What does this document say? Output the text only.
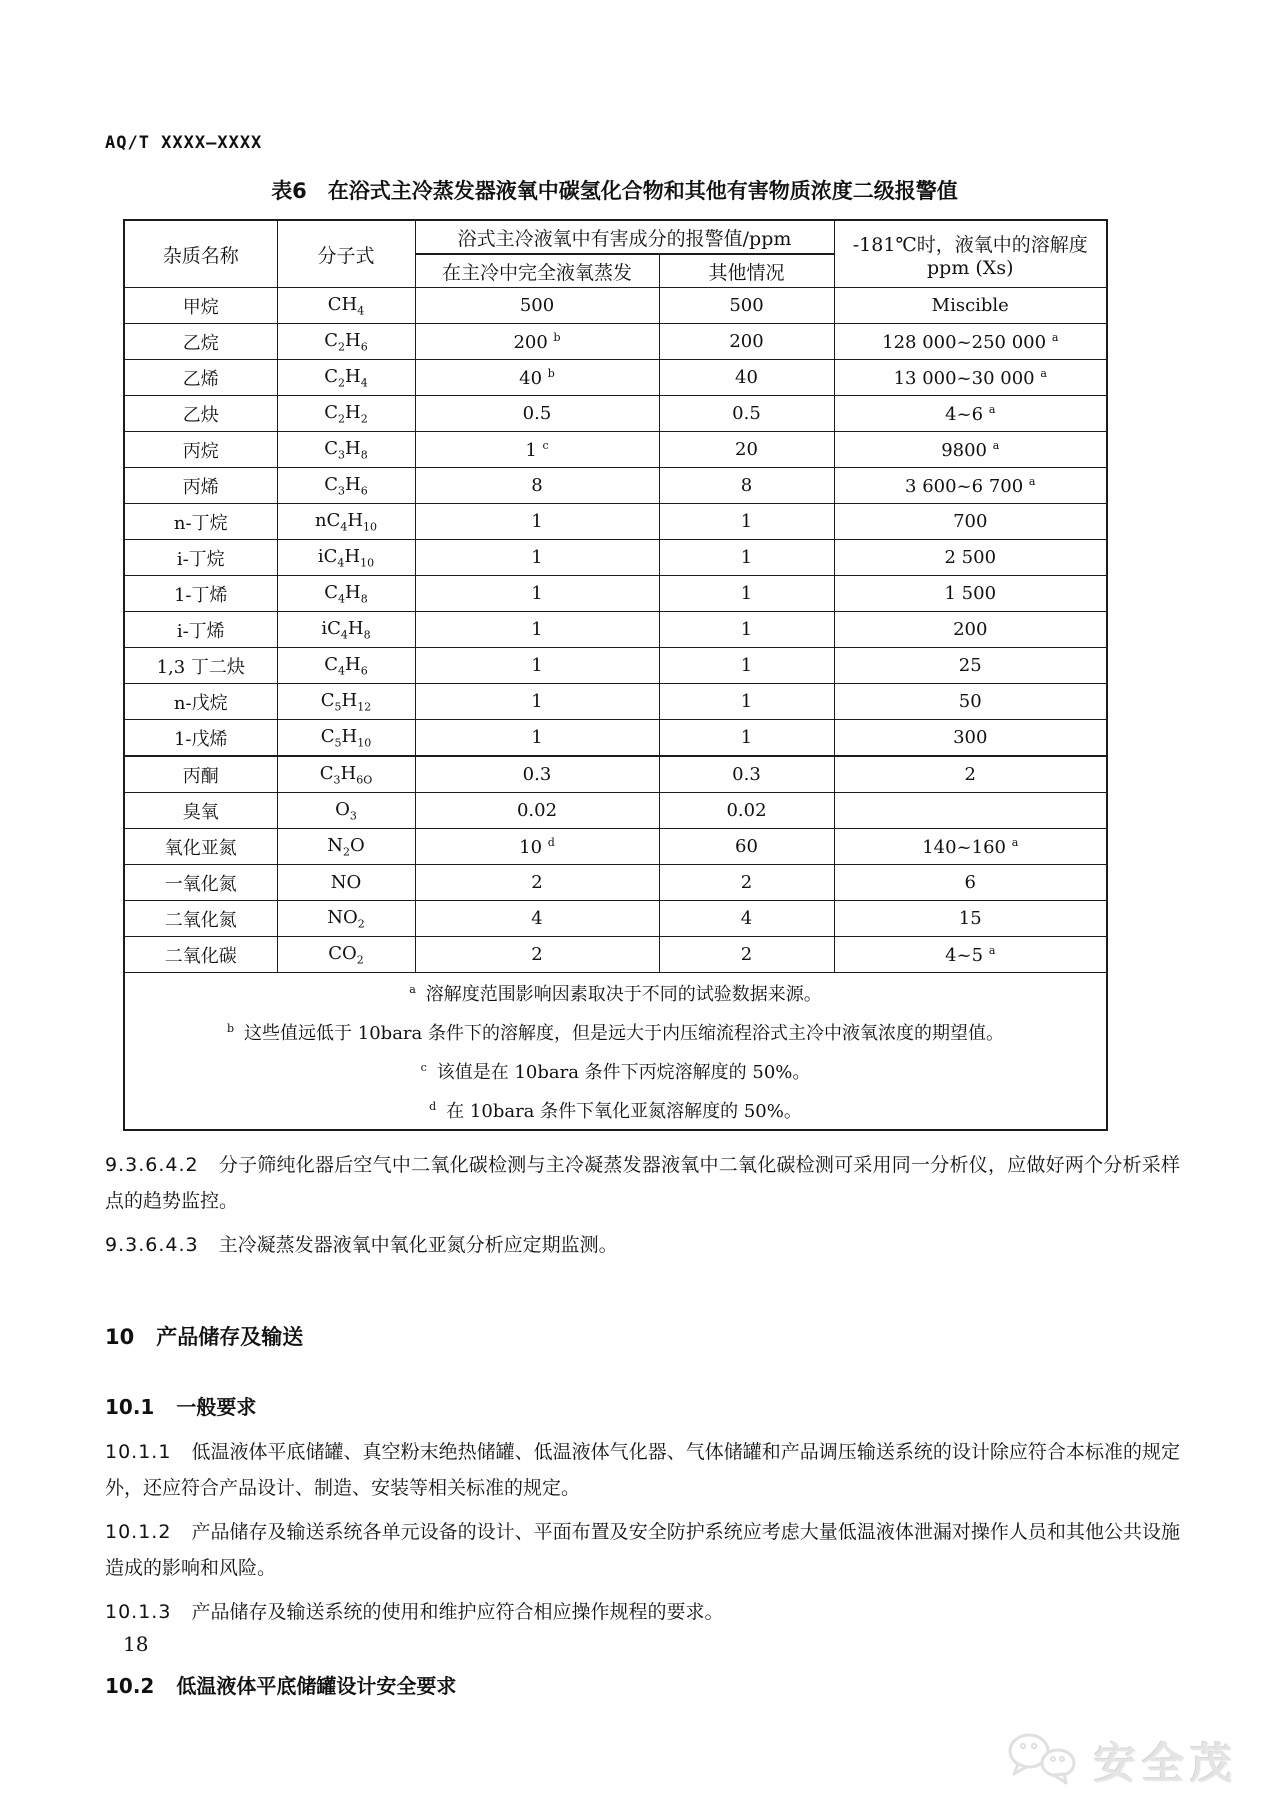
AQ/T XXXX—XXXX
表6　在浴式主冷蒸发器液氧中碳氢化合物和其他有害物质浓度二级报警值
杂质名称	分子式	浴式主冷液氧中有害成分的报警值/ppm		-181℃时，液氧中的溶解度
ppm (Xs)

		在主冷中完全液氧蒸发	其他情况	
甲烷	$CH_4$	500	500	Miscible
乙烷	$C_2H_6$	200 $^b$	200	128 000~250 000 $^a$
乙烯	$C_2H_4$	40 $^b$	40	13 000~30 000 $^a$
乙炔	$C_2H_2$	0.5	0.5	4~6 $^a$
丙烷	$C_3H_8$	1 $^c$	20	9800 $^a$
丙烯	$C_3H_6$	8	8	3 600~6 700 $^a$
n-丁烷	$nC_4H_{10}$	1	1	700
i-丁烷	$iC_4H_{10}$	1	1	2 500
1-丁烯	$C_4H_8$	1	1	1 500
i-丁烯	$iC_4H_8$	1	1	200
1,3 丁二炔	$C_4H_6$	1	1	25
n-戊烷	$C_5H_{12}$	1	1	50
1-戊烯	$C_5H_{10}$	1	1	300
丙酮	$C_3H_{6O}$	0.3	0.3	2
臭氧	$O_3$	0.02	0.02	
氧化亚氮	$N_2O$	10 $^d$	60	140~160 $^a$
一氧化氮	NO	2	2	6
二氧化氮	$NO_2$	4	4	15
二氧化碳	$CO_2$	2	2	4~5 $^a$

$^a$ 溶解度范围影响因素取决于不同的试验数据来源。
$^b$ 这些值远低于 10bara 条件下的溶解度，但是远大于内压缩流程浴式主冷中液氧浓度的期望值。
$^c$ 该值是在 10bara 条件下丙烷溶解度的 50%。
$^d$ 在 10bara 条件下氧化亚氮溶解度的 50%。				

9.3.6.4.2 分子筛纯化器后空气中二氧化碳检测与主冷凝蒸发器液氧中二氧化碳检测可采用同一分析仪，应做好两个分析采样点的趋势监控。

9.3.6.4.3 主冷凝蒸发器液氧中氧化亚氮分析应定期监测。

10 产品储存及输送

10.1 一般要求

10.1.1 低温液体平底储罐、真空粉末绝热储罐、低温液体气化器、气体储罐和产品调压输送系统的设计除应符合本标准的规定外，还应符合产品设计、制造、安装等相关标准的规定。

10.1.2 产品储存及输送系统各单元设备的设计、平面布置及安全防护系统应考虑大量低温液体泄漏对操作人员和其他公共设施造成的影响和风险。

10.1.3 产品储存及输送系统的使用和维护应符合相应操作规程的要求。

10.2 低温液体平底储罐设计安全要求

18
安全茂
